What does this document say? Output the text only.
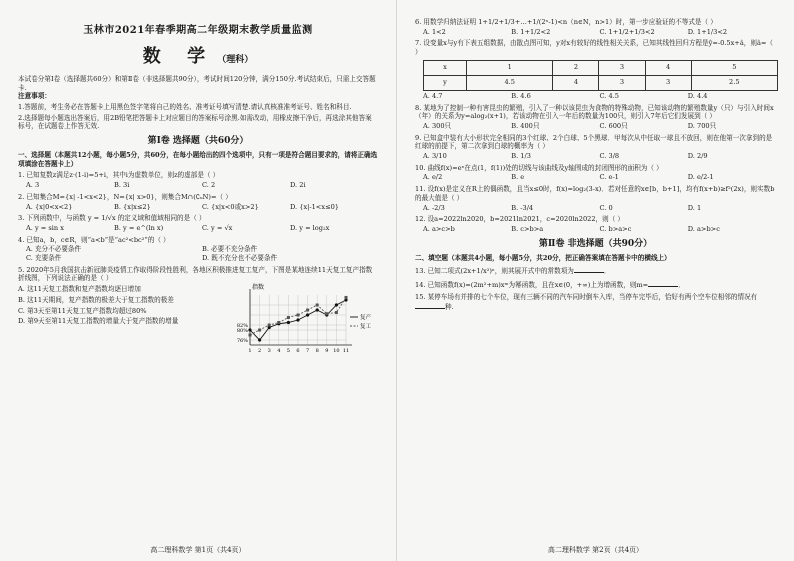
玉林市2021年春季期高二年级期末教学质量监测
数 学 （理科）
本试卷分第Ⅰ卷（选择题共60分）和第Ⅱ卷（非选择题共90分），考试时间120分钟，满分150分.考试结束后，只需上交答题卡.
注意事项：
1.答题前，考生务必在答题卡上用黑色签字笔将自己的姓名、准考证号填写清楚.请认真核准准考证号、姓名和科目.
2.选择题每小题选出答案后，用2B铅笔把答题卡上对应题目的答案标号涂黑.如需改动，用橡皮擦干净后，再选涂其他答案标号，在试题卷上作答无效.
第Ⅰ卷 选择题（共60分）
一、选择题（本题共12小题，每小题5分，共60分，在每小题给出的四个选项中，只有一项是符合题目要求的，请将正确选项填涂在答题卡上）
1. 已知复数z满足z·(1-i)=5+i，其中i为虚数单位，则z的虚部是（ ）
A. 3	B. 3i	C. 2	D. 2i
2. 已知集合M={x| -1<x<2}，N={x| x>0}，则集合M∩(∁ᵤN)=（ ）
A. {x|0<x<2}	B. {x|x≤2}	C. {x|x<0或x>2}	D. {x|-1<x≤0}
3. 下列函数中，与函数 y = 1/√x 的定义域和值域相同的是（ ）
A. y = sin x	B. y = e^(ln x)	C. y = √x	D. y = log₂x
4. 已知a，b，c∈R，则“a<b”是“ac²<bc²”的（ ）
A. 充分不必要条件	B. 必要不充分条件
C. 充要条件	D. 既不充分也不必要条件
5. 2020年5月我国抗击新冠肺炎疫情工作取得阶段性胜利，各地区积极推进复工复产，下图是某地连续11天复工复产指数折线图，下列说法正确的是（ ）
A. 这11天复工指数和复产指数均逐日增加
B. 这11天期间，复产指数的极差大于复工指数的极差
C. 第3天至第11天复工复产指数均超过80%
D. 第9天至第11天复工指数的增量大于复产指数的增量
指数
76%
80%
82%
1 2 3 4 5 6 7 8 9 10 11
复产
复工
高二理科数学 第1页（共4页）
6. 用数学归纳法证明 1+1/2+1/3+…+1/(2ⁿ-1)<n（n∈N，n>1）时，第一步应验证的不等式是（ ）
A. 1<2	B. 1+1/2<2	C. 1+1/2+1/3<2	D. 1+1/3<2
7. 设变量x与y有下表五组数据，由散点图可知，y对x有较好的线性相关关系，已知其线性回归方程是ŷ=-0.5x+â，则â=（ ）
x	1	2	3	4	5
y	4.5	4	3	3	2.5
A. 4.7	B. 4.6	C. 4.5	D. 4.4
8. 某地为了控制一种有害昆虫的繁殖，引入了一种以该昆虫为食物的特殊动物，已知该动物的繁殖数量y（只）与引入时间x（年）的关系为y=alog₂(x+1)，若该动物在引入一年后的数量为100只，则引入7年后它们发展到（ ）
A. 300只	B. 400只	C. 600只	D. 700只
9. 已知盒中装有大小形状完全相同的3个红球、2个白球、5个黑球．甲每次从中任取一球且不放回，则在他第一次拿到的是红球的前提下，第二次拿到白球的概率为（ ）
A. 3/10	B. 1/3	C. 3/8	D. 2/9
10. 曲线f(x)=eˣ在点(1，f(1))处的切线与该曲线及y轴围成的封闭图形的面积为（ ）
A. e/2	B. e	C. e-1	D. e/2-1
11. 设f(x)是定义在R上的偶函数，且当x≤0时，f(x)=log₂(3-x)．若对任意的x∈[b，b+1]，均有f(x+b)≥f²(2x)，则实数b的最大值是（ ）
A. -2/3	B. -3/4	C. 0	D. 1
12. 设a=2022ln2020，b=2021ln2021，c=2020ln2022，则（ ）
A. a>c>b	B. c>b>a	C. b>a>c	D. a>b>c
第Ⅱ卷 非选择题（共90分）
二、填空题（本题共4小题，每小题5分，共20分，把正确答案填在答题卡中的横线上）
13. 已知二项式(2x+1/x²)ⁿ，则其展开式中的常数项为	．
14. 已知函数f(x)=(2m²+m)xᵐ为幂函数，且在x∈(0，+∞)上为增函数，则m=	．
15. 某停车场有并排的七个车位，现有三辆不同的汽车同时倒车入库，当停车完毕后，恰好有两个空车位相邻的情况有种.
高二理科数学 第2页（共4页）
